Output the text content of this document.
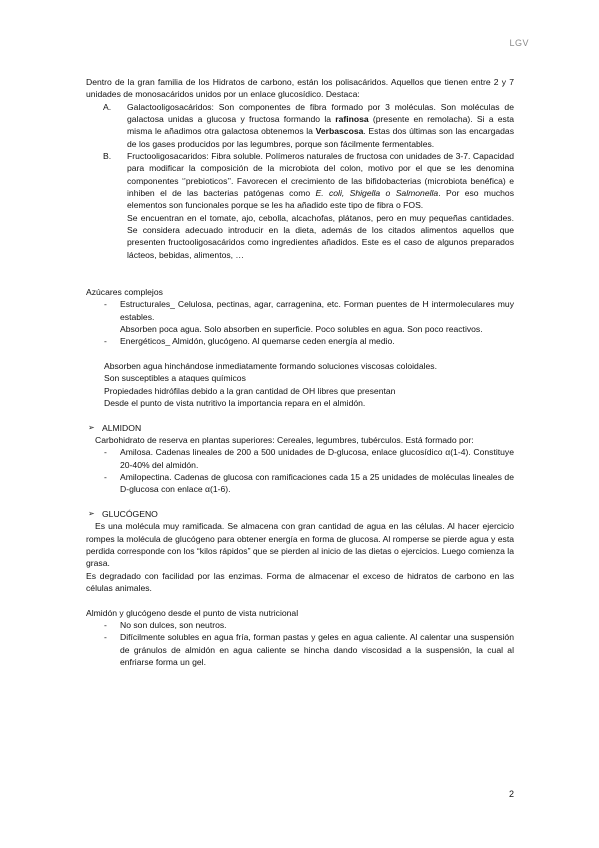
LGV

Dentro de la gran familia de los Hidratos de carbono, están los polisacáridos. Aquellos que tienen entre 2 y 7 unidades de monosacáridos unidos por un enlace glucosídico. Destaca:

A.	Galactooligosacáridos: Son componentes de fibra formado por 3 moléculas. Son moléculas de galactosa unidas a glucosa y fructosa formando la rafinosa (presente en remolacha). Si a esta misma le añadimos otra galactosa obtenemos la Verbascosa. Estas dos últimas son las encargadas de los gases producidos por las legumbres, porque son fácilmente fermentables.
B.	Fructooligosacaridos: Fibra soluble. Polímeros naturales de fructosa con unidades de 3-7. Capacidad para modificar la composición de la microbiota del colon, motivo por el que se les denomina componentes ‘’prebioticos’’. Favorecen el crecimiento de las bifidobacterias (microbiota benéfica) e inhiben el de las bacterias patógenas como E. coli, Shigella o Salmonella. Por eso muchos elementos son funcionales porque se les ha añadido este tipo de fibra o FOS.

Se encuentran en el tomate, ajo, cebolla, alcachofas, plátanos, pero en muy pequeñas cantidades. Se considera adecuado introducir en la dieta, además de los citados alimentos aquellos que presenten fructooligosacáridos como ingredientes añadidos. Este es el caso de algunos preparados lácteos, bebidas, alimentos, …

Azúcares complejos

-	Estructurales_ Celulosa, pectinas, agar, carragenina, etc. Forman puentes de H intermoleculares muy estables.

Absorben poca agua. Solo absorben en superficie. Poco solubles en agua. Son poco reactivos.

-	Energéticos_ Almidón, glucógeno. Al quemarse ceden energía al medio.

Absorben agua hinchándose inmediatamente formando soluciones viscosas coloidales.

Son susceptibles a ataques químicos

Propiedades hidrófilas debido a la gran cantidad de OH libres que presentan

Desde el punto de vista nutritivo la importancia repara en el almidón.

➢ ALMIDON

Carbohidrato de reserva en plantas superiores: Cereales, legumbres, tubérculos. Está formado por:

-	Amilosa. Cadenas lineales de 200 a 500 unidades de D-glucosa, enlace glucosídico α(1-4). Constituye 20-40% del almidón.
-	Amilopectina. Cadenas de glucosa con ramificaciones cada 15 a 25 unidades de moléculas lineales de D-glucosa con enlace α(1-6).
➢ GLUCÓGENO

Es una molécula muy ramificada. Se almacena con gran cantidad de agua en las células. Al hacer ejercicio rompes la molécula de glucógeno para obtener energía en forma de glucosa. Al romperse se pierde agua y esta perdida corresponde con los “kilos rápidos” que se pierden al inicio de las dietas o ejercicios. Luego comienza la grasa.

Es degradado con facilidad por las enzimas. Forma de almacenar el exceso de hidratos de carbono en las células animales.

Almidón y glucógeno desde el punto de vista nutricional

-	No son dulces, son neutros.
-	Difícilmente solubles en agua fría, forman pastas y geles en agua caliente. Al calentar una suspensión de gránulos de almidón en agua caliente se hincha dando viscosidad a la suspensión, la cual al enfriarse forma un gel.
2
